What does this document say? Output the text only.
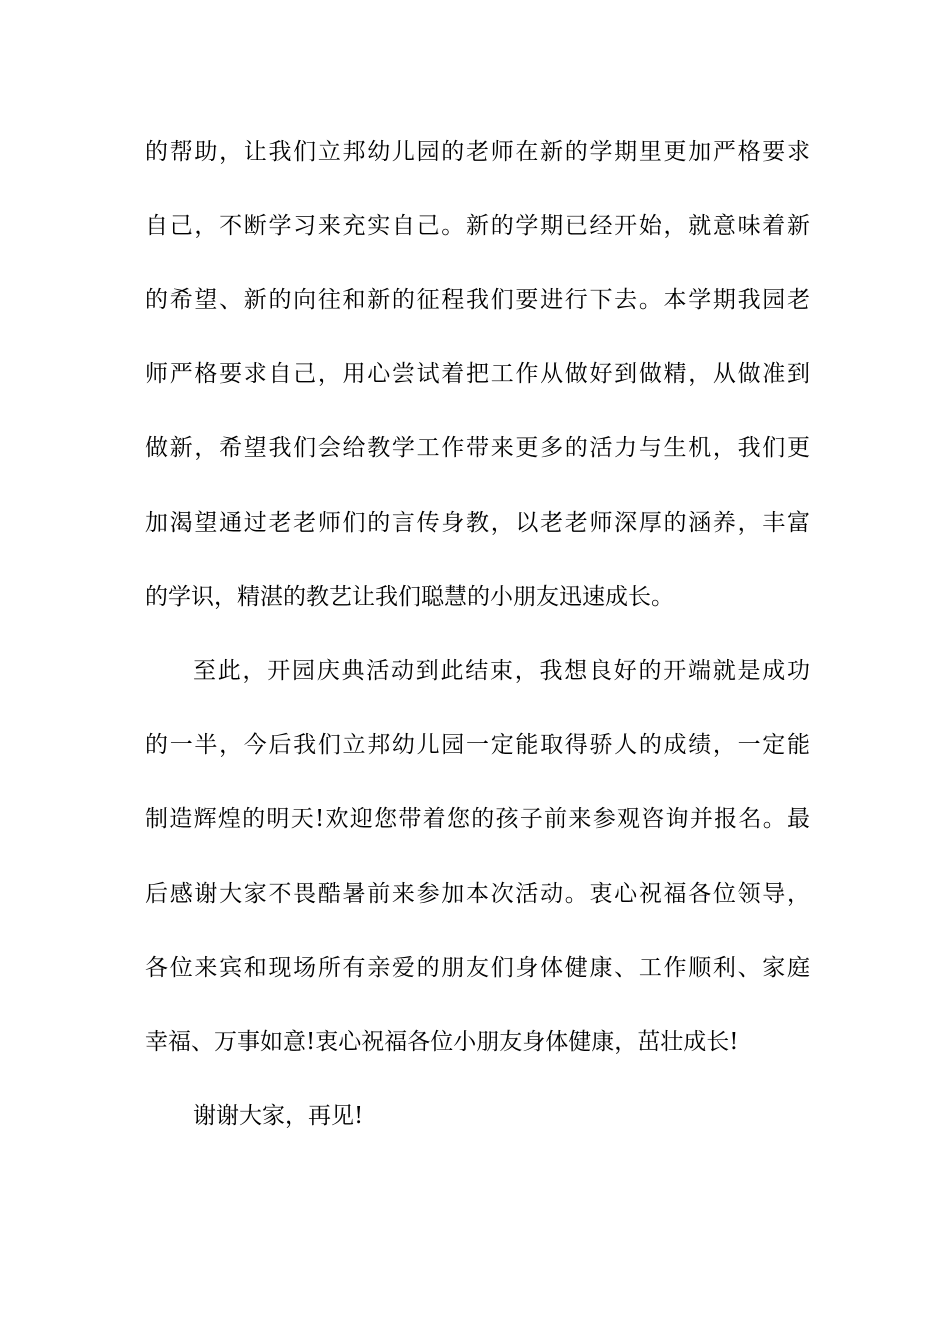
的帮助，让我们立邦幼儿园的老师在新的学期里更加严格要求
自己，不断学习来充实自己。新的学期已经开始，就意味着新
的希望、新的向往和新的征程我们要进行下去。本学期我园老
师严格要求自己，用心尝试着把工作从做好到做精，从做准到
做新，希望我们会给教学工作带来更多的活力与生机，我们更
加渴望通过老老师们的言传身教，以老老师深厚的涵养，丰富
的学识，精湛的教艺让我们聪慧的小朋友迅速成长。
至此，开园庆典活动到此结束，我想良好的开端就是成功
的一半，今后我们立邦幼儿园一定能取得骄人的成绩，一定能
制造辉煌的明天!欢迎您带着您的孩子前来参观咨询并报名。最
后感谢大家不畏酷暑前来参加本次活动。衷心祝福各位领导，
各位来宾和现场所有亲爱的朋友们身体健康、工作顺利、家庭
幸福、万事如意!衷心祝福各位小朋友身体健康，茁壮成长!
谢谢大家，再见!
